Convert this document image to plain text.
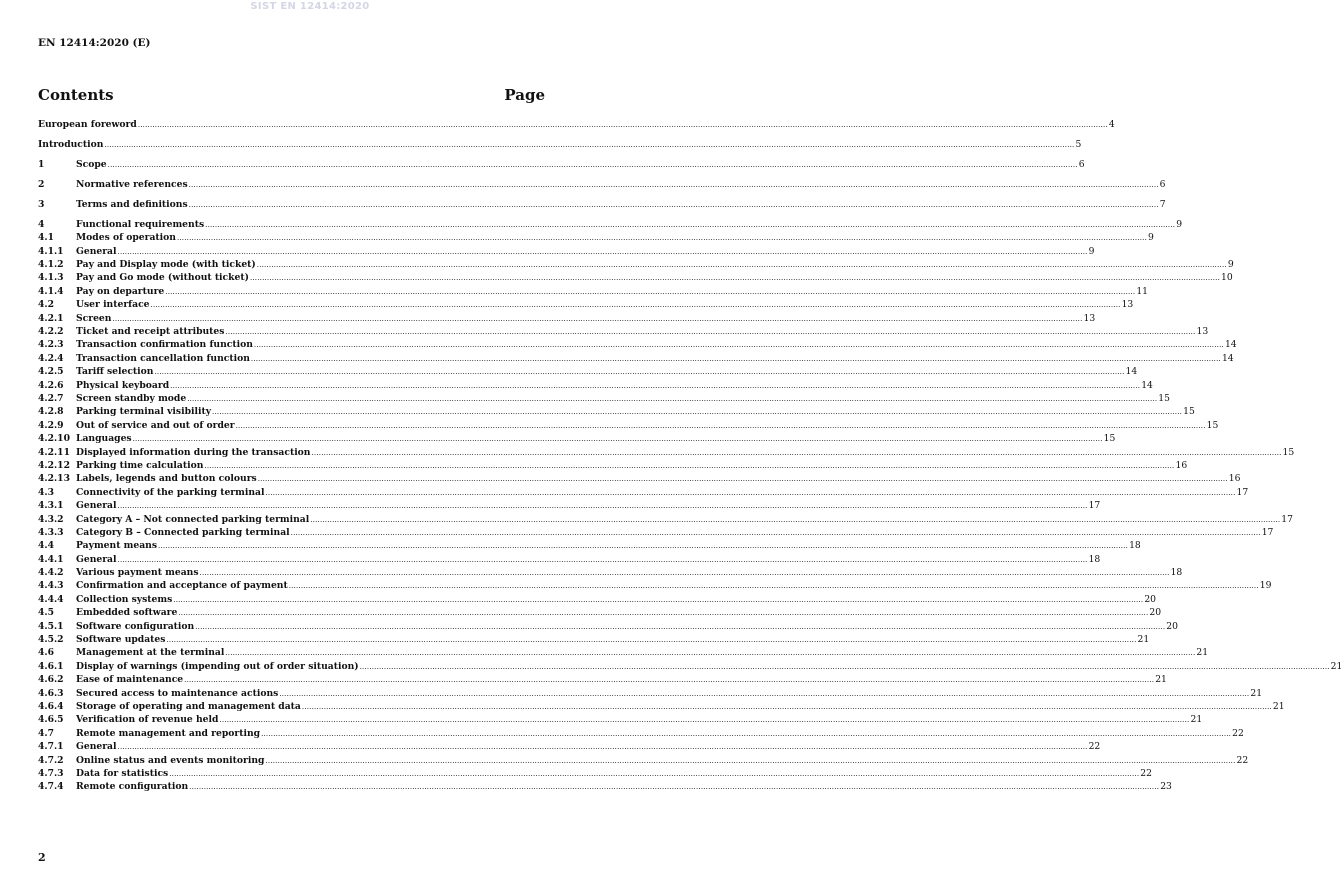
SIST EN 12414:2020
EN 12414:2020 (E)
Contents	Page
European foreword ................................................................................................................................................................................................................................................................................................................................................................................................................ 4
Introduction ................................................................................................................................................................................................................................................................................................................................................................................................................ 5
1	Scope ................................................................................................................................................................................................................................................................................................................................................................................................................ 6
2	Normative references ................................................................................................................................................................................................................................................................................................................................................................................................................ 6
3	Terms and definitions ................................................................................................................................................................................................................................................................................................................................................................................................................ 7
4	Functional requirements ................................................................................................................................................................................................................................................................................................................................................................................................................ 9
4.1	Modes of operation ................................................................................................................................................................................................................................................................................................................................................................................................................ 9
4.1.1	General ................................................................................................................................................................................................................................................................................................................................................................................................................ 9
4.1.2	Pay and Display mode (with ticket) ................................................................................................................................................................................................................................................................................................................................................................................................................ 9
4.1.3	Pay and Go mode (without ticket) ................................................................................................................................................................................................................................................................................................................................................................................................................ 10
4.1.4	Pay on departure ................................................................................................................................................................................................................................................................................................................................................................................................................ 11
4.2	User interface ................................................................................................................................................................................................................................................................................................................................................................................................................ 13
4.2.1	Screen ................................................................................................................................................................................................................................................................................................................................................................................................................ 13
4.2.2	Ticket and receipt attributes ................................................................................................................................................................................................................................................................................................................................................................................................................ 13
4.2.3	Transaction confirmation function ................................................................................................................................................................................................................................................................................................................................................................................................................ 14
4.2.4	Transaction cancellation function ................................................................................................................................................................................................................................................................................................................................................................................................................ 14
4.2.5	Tariff selection ................................................................................................................................................................................................................................................................................................................................................................................................................ 14
4.2.6	Physical keyboard ................................................................................................................................................................................................................................................................................................................................................................................................................ 14
4.2.7	Screen standby mode ................................................................................................................................................................................................................................................................................................................................................................................................................ 15
4.2.8	Parking terminal visibility ................................................................................................................................................................................................................................................................................................................................................................................................................ 15
4.2.9	Out of service and out of order ................................................................................................................................................................................................................................................................................................................................................................................................................ 15
4.2.10 Languages ................................................................................................................................................................................................................................................................................................................................................................................................................ 15
4.2.11 Displayed information during the transaction ................................................................................................................................................................................................................................................................................................................................................................................................................ 15
4.2.12 Parking time calculation ................................................................................................................................................................................................................................................................................................................................................................................................................ 16
4.2.13 Labels, legends and button colours ................................................................................................................................................................................................................................................................................................................................................................................................................ 16
4.3	Connectivity of the parking terminal ................................................................................................................................................................................................................................................................................................................................................................................................................ 17
4.3.1	General ................................................................................................................................................................................................................................................................................................................................................................................................................ 17
4.3.2	Category A – Not connected parking terminal ................................................................................................................................................................................................................................................................................................................................................................................................................ 17
4.3.3	Category B – Connected parking terminal ................................................................................................................................................................................................................................................................................................................................................................................................................ 17
4.4	Payment means ................................................................................................................................................................................................................................................................................................................................................................................................................ 18
4.4.1	General ................................................................................................................................................................................................................................................................................................................................................................................................................ 18
4.4.2	Various payment means ................................................................................................................................................................................................................................................................................................................................................................................................................ 18
4.4.3	Confirmation and acceptance of payment ................................................................................................................................................................................................................................................................................................................................................................................................................ 19
4.4.4	Collection systems ................................................................................................................................................................................................................................................................................................................................................................................................................ 20
4.5	Embedded software ................................................................................................................................................................................................................................................................................................................................................................................................................ 20
4.5.1	Software configuration ................................................................................................................................................................................................................................................................................................................................................................................................................ 20
4.5.2	Software updates ................................................................................................................................................................................................................................................................................................................................................................................................................ 21
4.6	Management at the terminal ................................................................................................................................................................................................................................................................................................................................................................................................................ 21
4.6.1	Display of warnings (impending out of order situation) ................................................................................................................................................................................................................................................................................................................................................................................................................ 21
4.6.2	Ease of maintenance ................................................................................................................................................................................................................................................................................................................................................................................................................ 21
4.6.3	Secured access to maintenance actions ................................................................................................................................................................................................................................................................................................................................................................................................................ 21
4.6.4	Storage of operating and management data ................................................................................................................................................................................................................................................................................................................................................................................................................ 21
4.6.5	Verification of revenue held ................................................................................................................................................................................................................................................................................................................................................................................................................ 21
4.7	Remote management and reporting ................................................................................................................................................................................................................................................................................................................................................................................................................ 22
4.7.1	General ................................................................................................................................................................................................................................................................................................................................................................................................................ 22
4.7.2	Online status and events monitoring ................................................................................................................................................................................................................................................................................................................................................................................................................ 22
4.7.3	Data for statistics ................................................................................................................................................................................................................................................................................................................................................................................................................ 22
4.7.4	Remote configuration ................................................................................................................................................................................................................................................................................................................................................................................................................ 23
2
